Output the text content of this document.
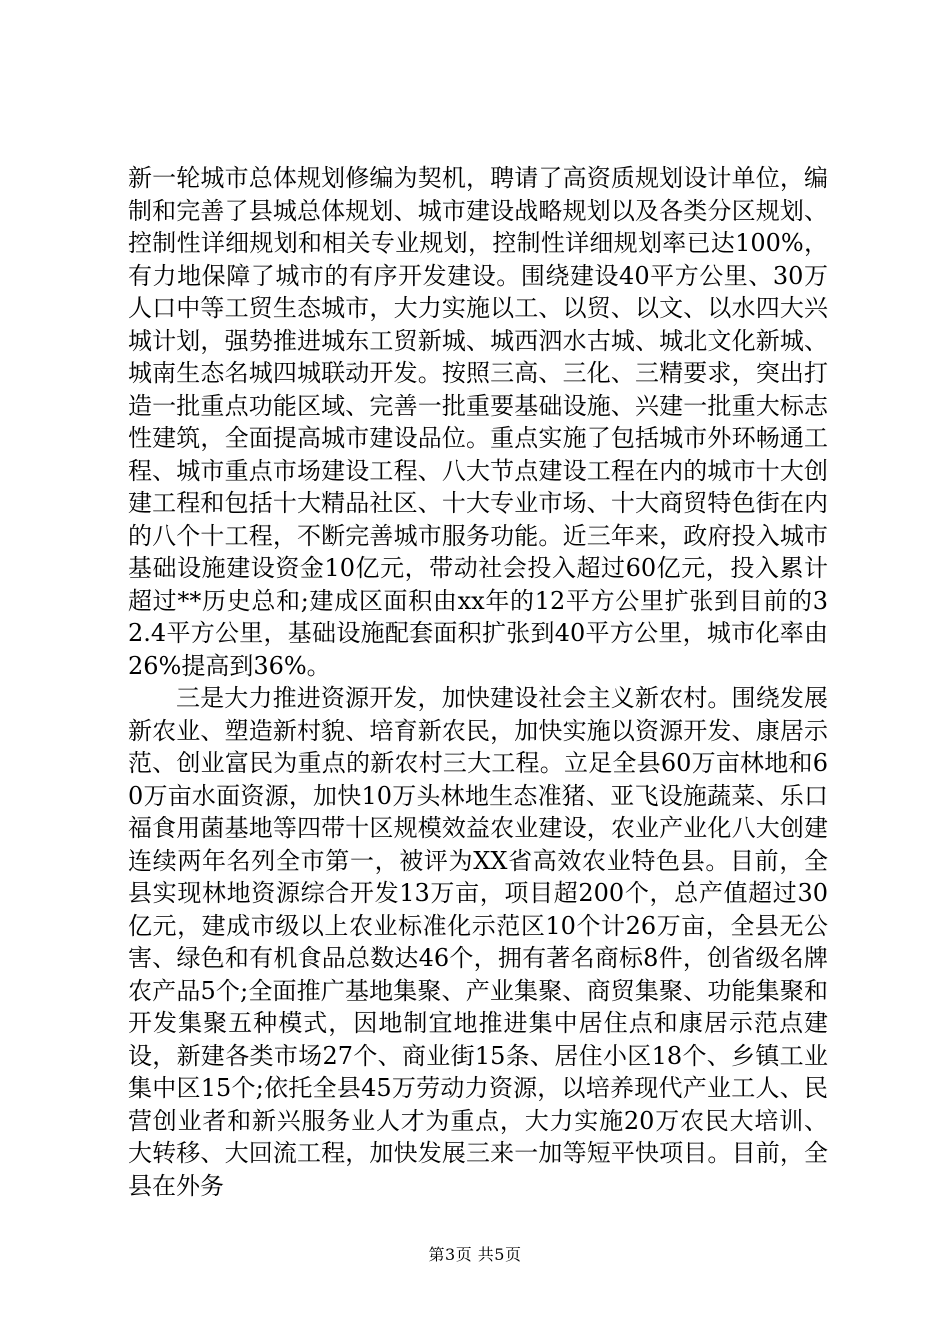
新一轮城市总体规划修编为契机，聘请了高资质规划设计单位，编制和完善了县城总体规划、城市建设战略规划以及各类分区规划、控制性详细规划和相关专业规划，控制性详细规划率已达100%，有力地保障了城市的有序开发建设。围绕建设40平方公里、30万人口中等工贸生态城市，大力实施以工、以贸、以文、以水四大兴城计划，强势推进城东工贸新城、城西泗水古城、城北文化新城、城南生态名城四城联动开发。按照三高、三化、三精要求，突出打造一批重点功能区域、完善一批重要基础设施、兴建一批重大标志性建筑，全面提高城市建设品位。重点实施了包括城市外环畅通工程、城市重点市场建设工程、八大节点建设工程在内的城市十大创建工程和包括十大精品社区、十大专业市场、十大商贸特色街在内的八个十工程，不断完善城市服务功能。近三年来，政府投入城市基础设施建设资金10亿元，带动社会投入超过60亿元，投入累计超过**历史总和;建成区面积由xx年的12平方公里扩张到目前的32.4平方公里，基础设施配套面积扩张到40平方公里，城市化率由26%提高到36%。

三是大力推进资源开发，加快建设社会主义新农村。围绕发展新农业、塑造新村貌、培育新农民，加快实施以资源开发、康居示范、创业富民为重点的新农村三大工程。立足全县60万亩林地和60万亩水面资源，加快10万头林地生态准猪、亚飞设施蔬菜、乐口福食用菌基地等四带十区规模效益农业建设，农业产业化八大创建连续两年名列全市第一，被评为XX省高效农业特色县。目前，全县实现林地资源综合开发13万亩，项目超200个，总产值超过30亿元，建成市级以上农业标准化示范区10个计26万亩，全县无公害、绿色和有机食品总数达46个，拥有著名商标8件，创省级名牌农产品5个;全面推广基地集聚、产业集聚、商贸集聚、功能集聚和开发集聚五种模式，因地制宜地推进集中居住点和康居示范点建设，新建各类市场27个、商业街15条、居住小区18个、乡镇工业集中区15个;依托全县45万劳动力资源，以培养现代产业工人、民营创业者和新兴服务业人才为重点，大力实施20万农民大培训、大转移、大回流工程，加快发展三来一加等短平快项目。目前，全县在外务

第3页 共5页
